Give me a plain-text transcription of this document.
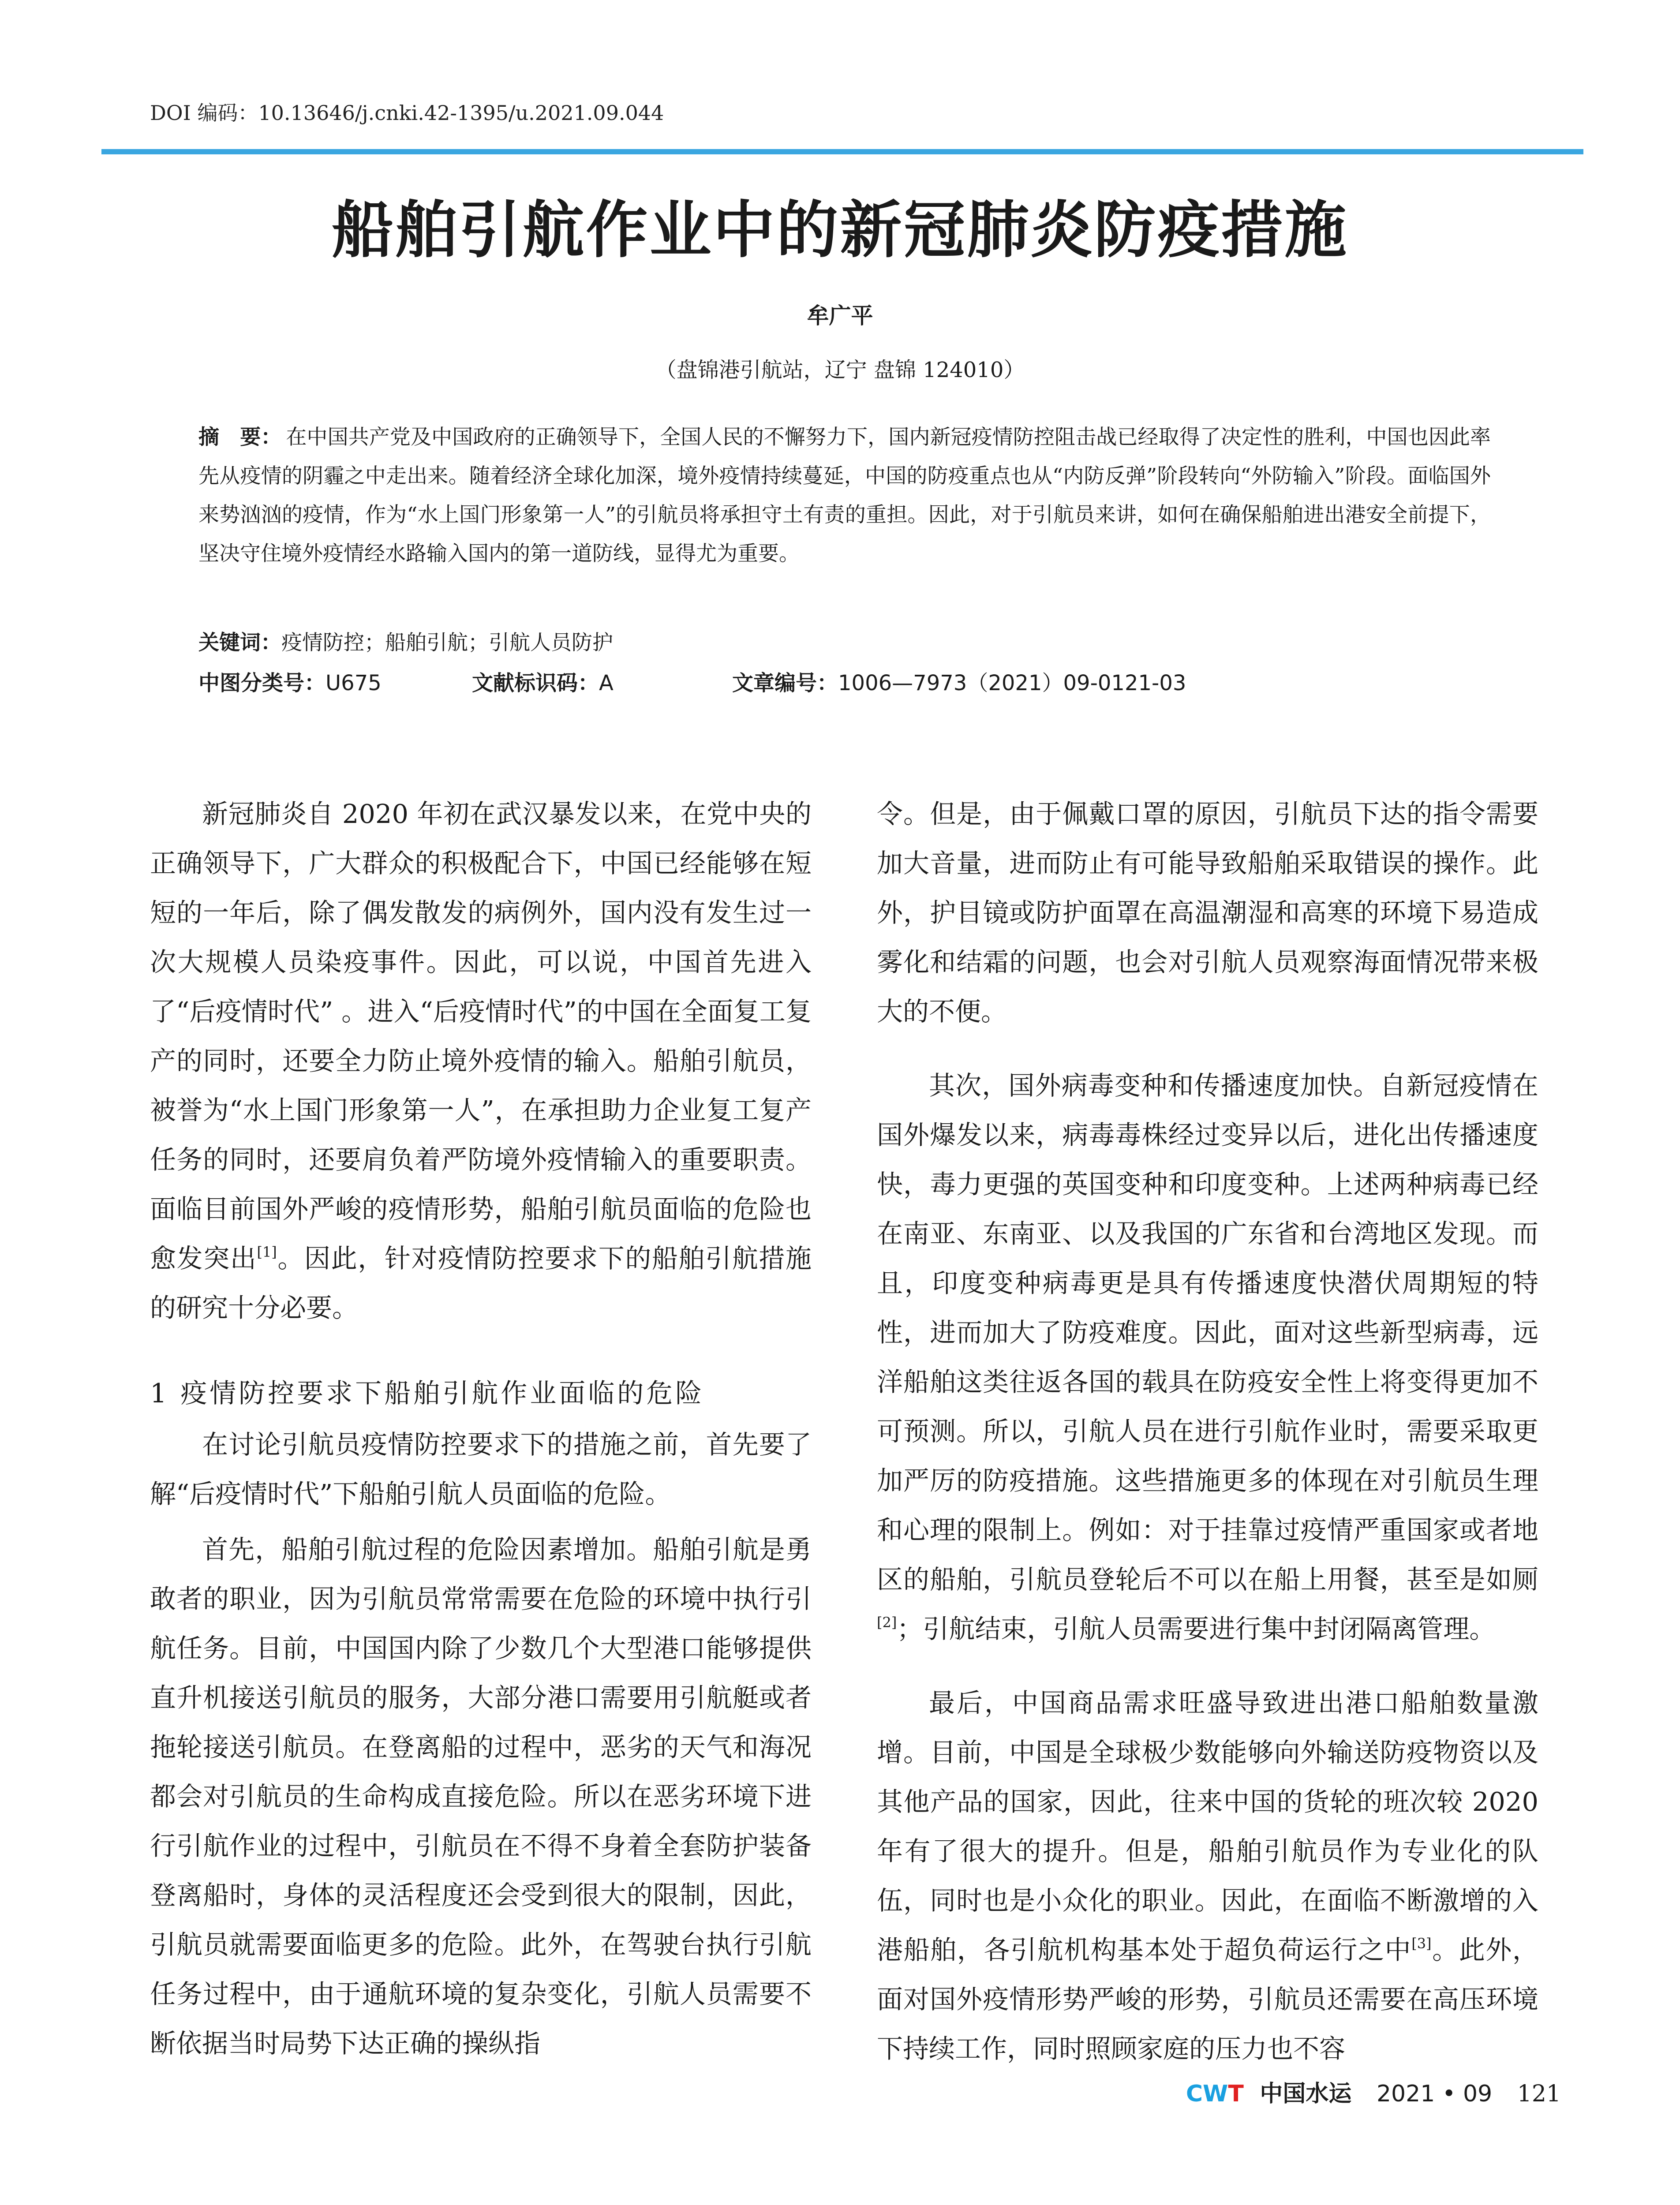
DOI 编码：10.13646/j.cnki.42-1395/u.2021.09.044
船舶引航作业中的新冠肺炎防疫措施
牟广平
（盘锦港引航站，辽宁 盘锦 124010）
摘　要： 在中国共产党及中国政府的正确领导下，全国人民的不懈努力下，国内新冠疫情防控阻击战已经取得了决定性的胜利，中国也因此率先从疫情的阴霾之中走出来。随着经济全球化加深，境外疫情持续蔓延，中国的防疫重点也从“内防反弹”阶段转向“外防输入”阶段。面临国外来势汹汹的疫情，作为“水上国门形象第一人”的引航员将承担守土有责的重担。因此，对于引航员来讲，如何在确保船舶进出港安全前提下，坚决守住境外疫情经水路输入国内的第一道防线，显得尤为重要。
关键词：疫情防控；船舶引航；引航人员防护
中图分类号：U675	文献标识码：A	文章编号：1006—7973（2021）09-0121-03

新冠肺炎自 2020 年初在武汉暴发以来，在党中央的正确领导下，广大群众的积极配合下，中国已经能够在短短的一年后，除了偶发散发的病例外，国内没有发生过一次大规模人员染疫事件。因此，可以说，中国首先进入了“后疫情时代” 。进入“后疫情时代”的中国在全面复工复产的同时，还要全力防止境外疫情的输入。船舶引航员，被誉为“水上国门形象第一人”，在承担助力企业复工复产任务的同时，还要肩负着严防境外疫情输入的重要职责。面临目前国外严峻的疫情形势，船舶引航员面临的危险也愈发突出[1]。因此，针对疫情防控要求下的船舶引航措施的研究十分必要。

1 疫情防控要求下船舶引航作业面临的危险

在讨论引航员疫情防控要求下的措施之前，首先要了解“后疫情时代”下船舶引航人员面临的危险。

首先，船舶引航过程的危险因素增加。船舶引航是勇敢者的职业，因为引航员常常需要在危险的环境中执行引航任务。目前，中国国内除了少数几个大型港口能够提供直升机接送引航员的服务，大部分港口需要用引航艇或者拖轮接送引航员。在登离船的过程中，恶劣的天气和海况都会对引航员的生命构成直接危险。所以在恶劣环境下进行引航作业的过程中，引航员在不得不身着全套防护装备登离船时，身体的灵活程度还会受到很大的限制，因此，引航员就需要面临更多的危险。此外，在驾驶台执行引航任务过程中，由于通航环境的复杂变化，引航人员需要不断依据当时局势下达正确的操纵指

令。但是，由于佩戴口罩的原因，引航员下达的指令需要加大音量，进而防止有可能导致船舶采取错误的操作。此外，护目镜或防护面罩在高温潮湿和高寒的环境下易造成雾化和结霜的问题，也会对引航人员观察海面情况带来极大的不便。

其次，国外病毒变种和传播速度加快。自新冠疫情在国外爆发以来，病毒毒株经过变异以后，进化出传播速度快，毒力更强的英国变种和印度变种。上述两种病毒已经在南亚、东南亚、以及我国的广东省和台湾地区发现。而且，印度变种病毒更是具有传播速度快潜伏周期短的特性，进而加大了防疫难度。因此，面对这些新型病毒，远洋船舶这类往返各国的载具在防疫安全性上将变得更加不可预测。所以，引航人员在进行引航作业时，需要采取更加严厉的防疫措施。这些措施更多的体现在对引航员生理和心理的限制上。例如：对于挂靠过疫情严重国家或者地区的船舶，引航员登轮后不可以在船上用餐，甚至是如厕[2]；引航结束，引航人员需要进行集中封闭隔离管理。

最后，中国商品需求旺盛导致进出港口船舶数量激增。目前，中国是全球极少数能够向外输送防疫物资以及其他产品的国家，因此，往来中国的货轮的班次较 2020 年有了很大的提升。但是，船舶引航员作为专业化的队伍，同时也是小众化的职业。因此，在面临不断激增的入港船舶，各引航机构基本处于超负荷运行之中[3]。此外，面对国外疫情形势严峻的形势，引航员还需要在高压环境下持续工作，同时照顾家庭的压力也不容

CWT 中国水运 2021 • 09 121
